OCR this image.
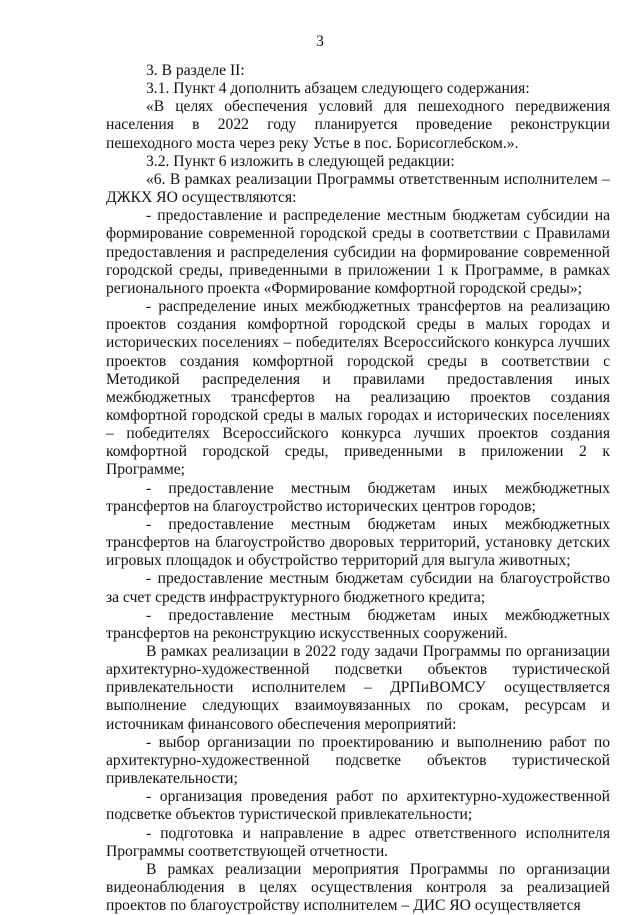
3

3. В разделе II:

3.1. Пункт 4 дополнить абзацем следующего содержания:

«В целях обеспечения условий для пешеходного передвижения населения в 2022 году планируется проведение реконструкции пешеходного моста через реку Устье в пос. Борисоглебском.».

3.2. Пункт 6 изложить в следующей редакции:

«6. В рамках реализации Программы ответственным исполнителем – ДЖКХ ЯО осуществляются:

- предоставление и распределение местным бюджетам субсидии на формирование современной городской среды в соответствии с Правилами предоставления и распределения субсидии на формирование современной городской среды, приведенными в приложении 1 к Программе, в рамках регионального проекта «Формирование комфортной городской среды»;

- распределение иных межбюджетных трансфертов на реализацию проектов создания комфортной городской среды в малых городах и исторических поселениях – победителях Всероссийского конкурса лучших проектов создания комфортной городской среды в соответствии с Методикой распределения и правилами предоставления иных межбюджетных трансфертов на реализацию проектов создания комфортной городской среды в малых городах и исторических поселениях – победителях Всероссийского конкурса лучших проектов создания комфортной городской среды, приведенными в приложении 2 к Программе;

- предоставление местным бюджетам иных межбюджетных трансфертов на благоустройство исторических центров городов;

- предоставление местным бюджетам иных межбюджетных трансфертов на благоустройство дворовых территорий, установку детских игровых площадок и обустройство территорий для выгула животных;

- предоставление местным бюджетам субсидии на благоустройство за счет средств инфраструктурного бюджетного кредита;

- предоставление местным бюджетам иных межбюджетных трансфертов на реконструкцию искусственных сооружений.

В рамках реализации в 2022 году задачи Программы по организации архитектурно-художественной подсветки объектов туристической привлекательности исполнителем – ДРПиВОМСУ осуществляется выполнение следующих взаимоувязанных по срокам, ресурсам и источникам финансового обеспечения мероприятий:

- выбор организации по проектированию и выполнению работ по архитектурно-художественной подсветке объектов туристической привлекательности;

- организация проведения работ по архитектурно-художественной подсветке объектов туристической привлекательности;

- подготовка и направление в адрес ответственного исполнителя Программы соответствующей отчетности.

В рамках реализации мероприятия Программы по организации видеонаблюдения в целях осуществления контроля за реализацией проектов по благоустройству исполнителем – ДИС ЯО осуществляется
